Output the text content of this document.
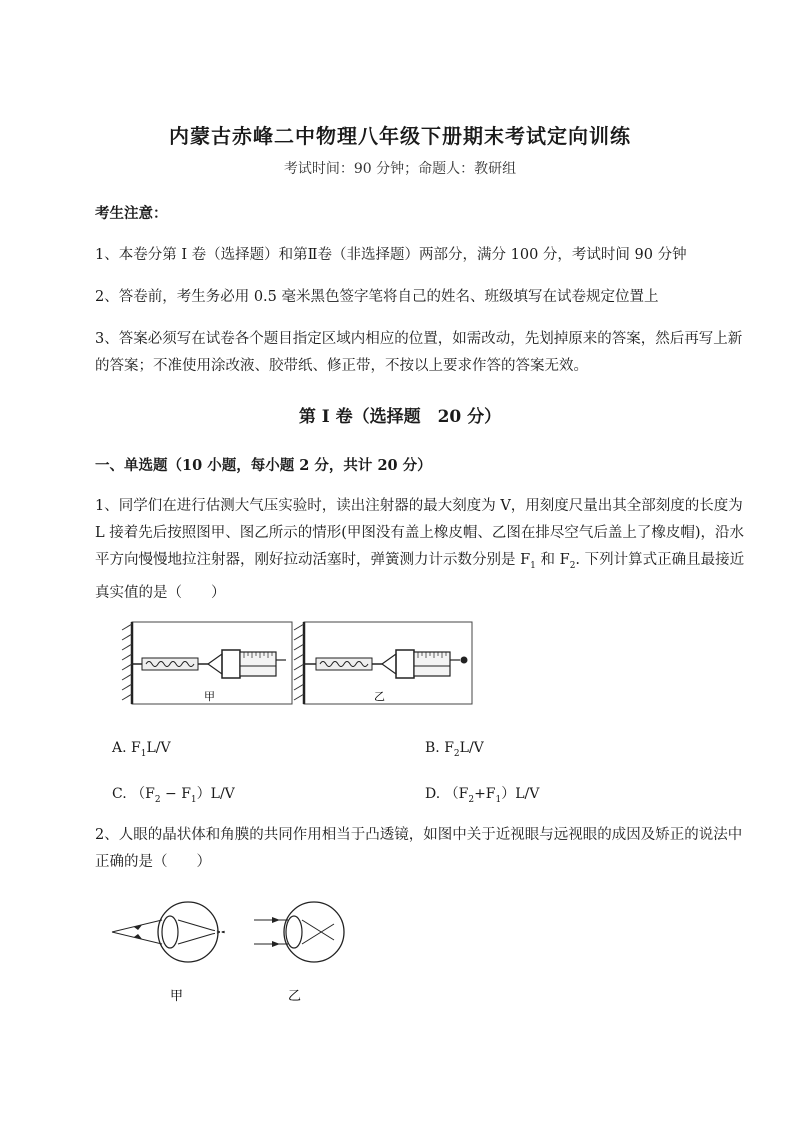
内蒙古赤峰二中物理八年级下册期末考试定向训练
考试时间：90 分钟；命题人：教研组
考生注意：
1、本卷分第 I 卷（选择题）和第Ⅱ卷（非选择题）两部分，满分 100 分，考试时间 90 分钟
2、答卷前，考生务必用 0.5 毫米黑色签字笔将自己的姓名、班级填写在试卷规定位置上
3、答案必须写在试卷各个题目指定区域内相应的位置，如需改动，先划掉原来的答案，然后再写上新的答案；不准使用涂改液、胶带纸、修正带，不按以上要求作答的答案无效。
第 I 卷（选择题　20 分）
一、单选题（10 小题，每小题 2 分，共计 20 分）
1、同学们在进行估测大气压实验时，读出注射器的最大刻度为 V，用刻度尺量出其全部刻度的长度为 L 接着先后按照图甲、图乙所示的情形(甲图没有盖上橡皮帽、乙图在排尽空气后盖上了橡皮帽)，沿水平方向慢慢地拉注射器，刚好拉动活塞时，弹簧测力计示数分别是 $F_1$ 和 $F_2$. 下列计算式正确且最接近真实值的是（　　）
甲	乙
A. $F_1L/V$	B. $F_2L/V$
C. $(F_2 - F_1)L/V$	D. $(F_2+F_1)L/V$
2、人眼的晶状体和角膜的共同作用相当于凸透镜，如图中关于近视眼与远视眼的成因及矫正的说法中正确的是（　　）
甲	乙
